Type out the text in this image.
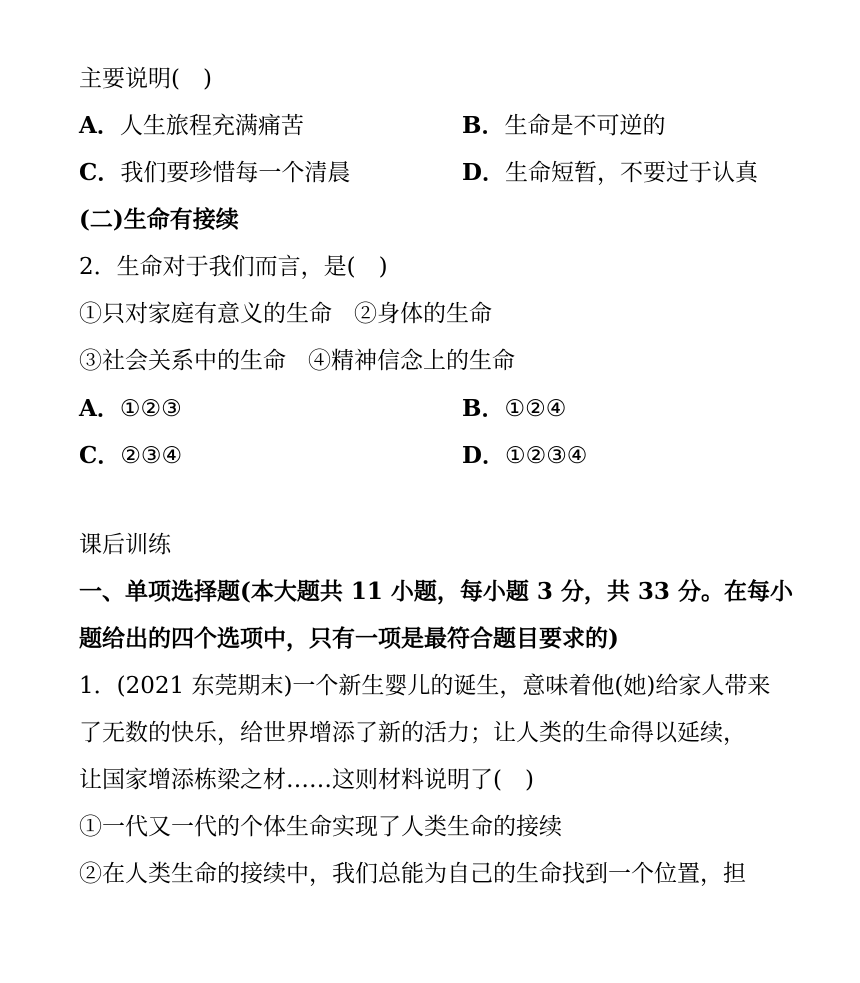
主要说明(　)
A．人生旅程充满痛苦	B．生命是不可逆的
C．我们要珍惜每一个清晨	D．生命短暂，不要过于认真
(二)生命有接续
2．生命对于我们而言，是(　)
①只对家庭有意义的生命 ②身体的生命
③社会关系中的生命 ④精神信念上的生命
A．①②③	B．①②④
C．②③④	D．①②③④
课后训练
一、单项选择题(本大题共 11 小题，每小题 3 分，共 33 分。在每小
题给出的四个选项中，只有一项是最符合题目要求的)
1．(2021 东莞期末)一个新生婴儿的诞生，意味着他(她)给家人带来
了无数的快乐，给世界增添了新的活力；让人类的生命得以延续，
让国家增添栋梁之材……这则材料说明了(　)
①一代又一代的个体生命实现了人类生命的接续
②在人类生命的接续中，我们总能为自己的生命找到一个位置，担
